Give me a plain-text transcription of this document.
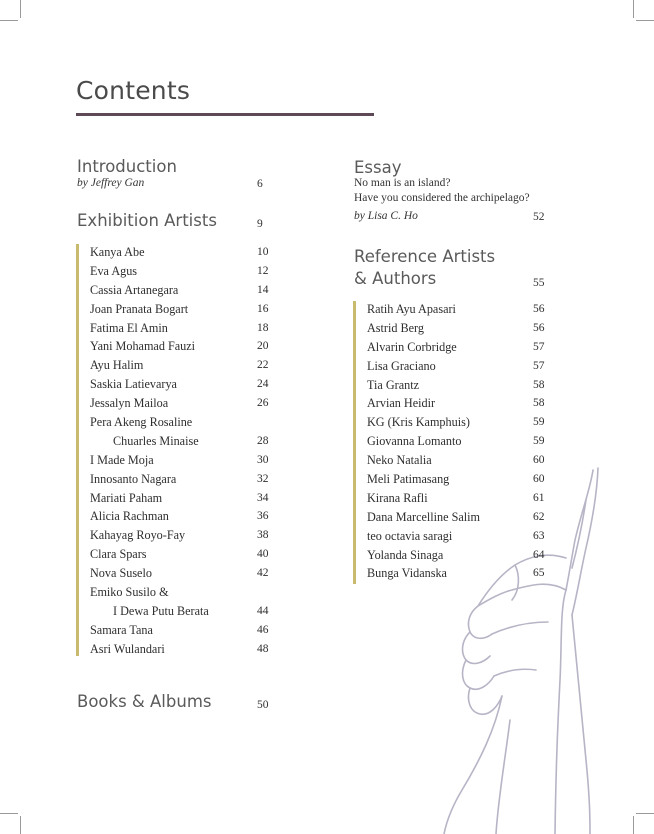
Contents
Introduction
by Jeffrey Gan	6
Exhibition Artists	9
Kanya Abe	10
Eva Agus	12
Cassia Artanegara	14
Joan Pranata Bogart	16
Fatima El Amin	18
Yani Mohamad Fauzi	20
Ayu Halim	22
Saskia Latievarya	24
Jessalyn Mailoa	26
Pera Akeng Rosaline
Chuarles Minaise	28
I Made Moja	30
Innosanto Nagara	32
Mariati Paham	34
Alicia Rachman	36
Kahayag Royo-Fay	38
Clara Spars	40
Nova Suselo	42
Emiko Susilo &
I Dewa Putu Berata	44
Samara Tana	46
Asri Wulandari	48
Books & Albums	50
Essay
No man is an island?
Have you considered the archipelago?
by Lisa C. Ho	52
Reference Artists
& Authors	55
Ratih Ayu Apasari	56
Astrid Berg	56
Alvarin Corbridge	57
Lisa Graciano	57
Tia Grantz	58
Arvian Heidir	58
KG (Kris Kamphuis)	59
Giovanna Lomanto	59
Neko Natalia	60
Meli Patimasang	60
Kirana Rafli	61
Dana Marcelline Salim	62
teo octavia saragi	63
Yolanda Sinaga	64
Bunga Vidanska	65
